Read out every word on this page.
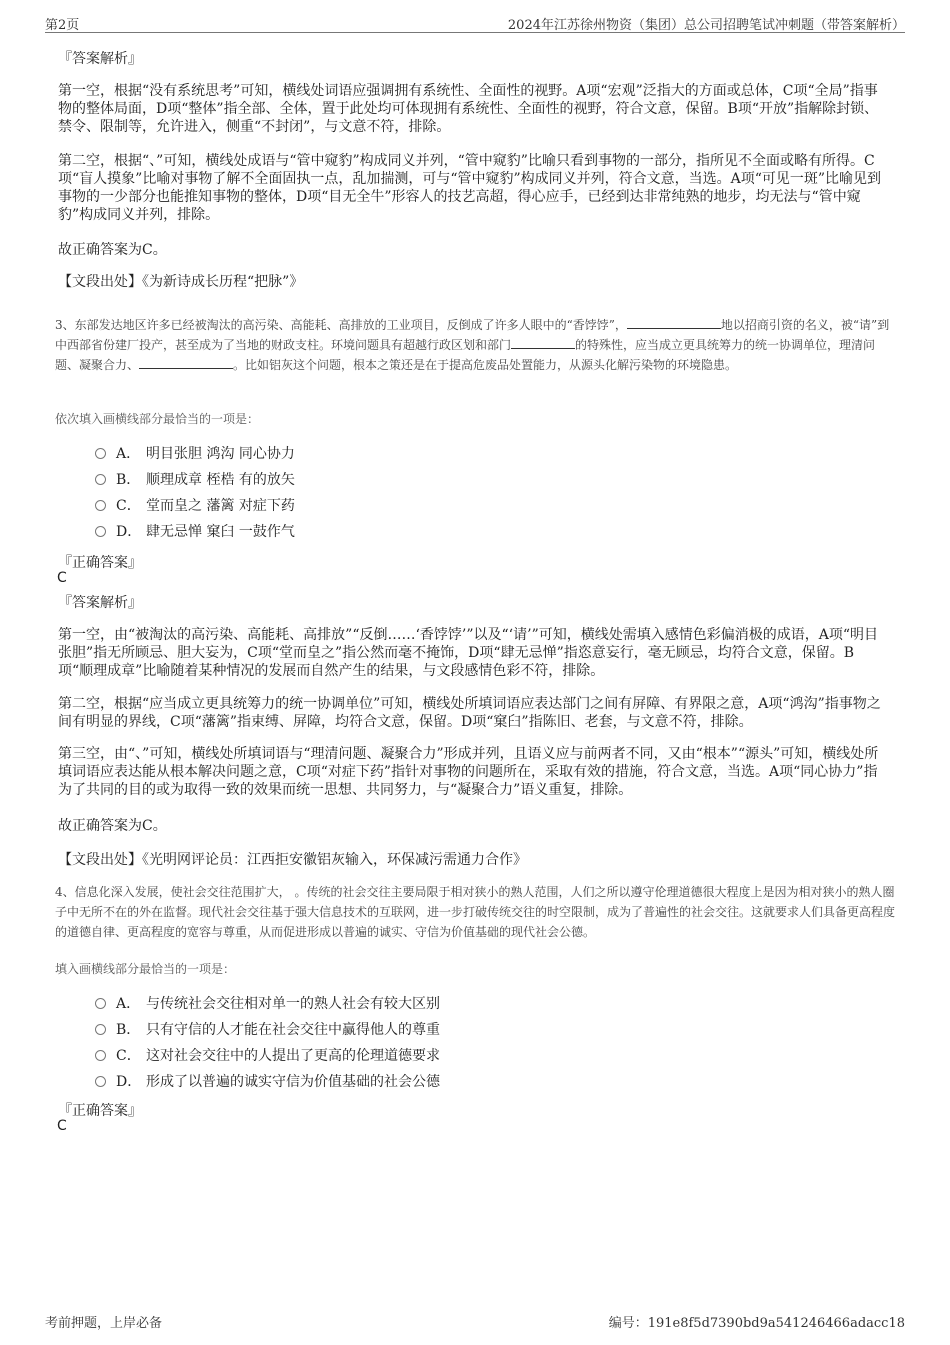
第2页	2024年江苏徐州物资（集团）总公司招聘笔试冲刺题（带答案解析）

『答案解析』

第一空，根据“没有系统思考”可知，横线处词语应强调拥有系统性、全面性的视野。A项“宏观”泛指大的方面或总体，C项“全局”指事物的整体局面，D项“整体”指全部、全体，置于此处均可体现拥有系统性、全面性的视野，符合文意，保留。B项“开放”指解除封锁、禁令、限制等，允许进入，侧重“不封闭”，与文意不符，排除。

第二空，根据“、”可知，横线处成语与“管中窥豹”构成同义并列，“管中窥豹”比喻只看到事物的一部分，指所见不全面或略有所得。C项“盲人摸象”比喻对事物了解不全面固执一点，乱加揣测，可与“管中窥豹”构成同义并列，符合文意，当选。A项“可见一斑”比喻见到事物的一少部分也能推知事物的整体，D项“目无全牛”形容人的技艺高超，得心应手，已经到达非常纯熟的地步，均无法与“管中窥豹”构成同义并列，排除。

故正确答案为C。

【文段出处】《为新诗成长历程“把脉”》

3、东部发达地区许多已经被淘汰的高污染、高能耗、高排放的工业项目，反倒成了许多人眼中的“香饽饽”，	地以招商引资的名义，被“请”到中西部省份建厂投产，甚至成为了当地的财政支柱。环境问题具有超越行政区划和部门	的特殊性，应当成立更具统筹力的统一协调单位，理清问题、凝聚合力、	。比如铝灰这个问题，根本之策还是在于提高危废品处置能力，从源头化解污染物的环境隐患。

依次填入画横线部分最恰当的一项是：

A． 明目张胆 鸿沟 同心协力
B． 顺理成章 桎梏 有的放矢
C． 堂而皇之 藩篱 对症下药
D． 肆无忌惮 窠臼 一鼓作气

『正确答案』

C

『答案解析』

第一空，由“被淘汰的高污染、高能耗、高排放”“反倒……‘香饽饽’”以及“‘请’”可知，横线处需填入感情色彩偏消极的成语，A项“明目张胆”指无所顾忌、胆大妄为，C项“堂而皇之”指公然而毫不掩饰，D项“肆无忌惮”指恣意妄行，毫无顾忌，均符合文意，保留。B项“顺理成章”比喻随着某种情况的发展而自然产生的结果，与文段感情色彩不符，排除。

第二空，根据“应当成立更具统筹力的统一协调单位”可知，横线处所填词语应表达部门之间有屏障、有界限之意，A项“鸿沟”指事物之间有明显的界线，C项“藩篱”指束缚、屏障，均符合文意，保留。D项“窠臼”指陈旧、老套，与文意不符，排除。

第三空，由“、”可知，横线处所填词语与“理清问题、凝聚合力”形成并列，且语义应与前两者不同，又由“根本”“源头”可知，横线处所填词语应表达能从根本解决问题之意，C项“对症下药”指针对事物的问题所在，采取有效的措施，符合文意，当选。A项“同心协力”指为了共同的目的或为取得一致的效果而统一思想、共同努力，与“凝聚合力”语义重复，排除。

故正确答案为C。

【文段出处】《光明网评论员：江西拒安徽铝灰输入，环保减污需通力合作》

4、信息化深入发展，使社会交往范围扩大， 。传统的社会交往主要局限于相对狭小的熟人范围，人们之所以遵守伦理道德很大程度上是因为相对狭小的熟人圈子中无所不在的外在监督。现代社会交往基于强大信息技术的互联网，进一步打破传统交往的时空限制，成为了普遍性的社会交往。这就要求人们具备更高程度的道德自律、更高程度的宽容与尊重，从而促进形成以普遍的诚实、守信为价值基础的现代社会公德。

填入画横线部分最恰当的一项是：

A． 与传统社会交往相对单一的熟人社会有较大区别
B． 只有守信的人才能在社会交往中赢得他人的尊重
C． 这对社会交往中的人提出了更高的伦理道德要求
D． 形成了以普遍的诚实守信为价值基础的社会公德

『正确答案』

C

考前押题，上岸必备	编号：191e8f5d7390bd9a541246466adacc18
